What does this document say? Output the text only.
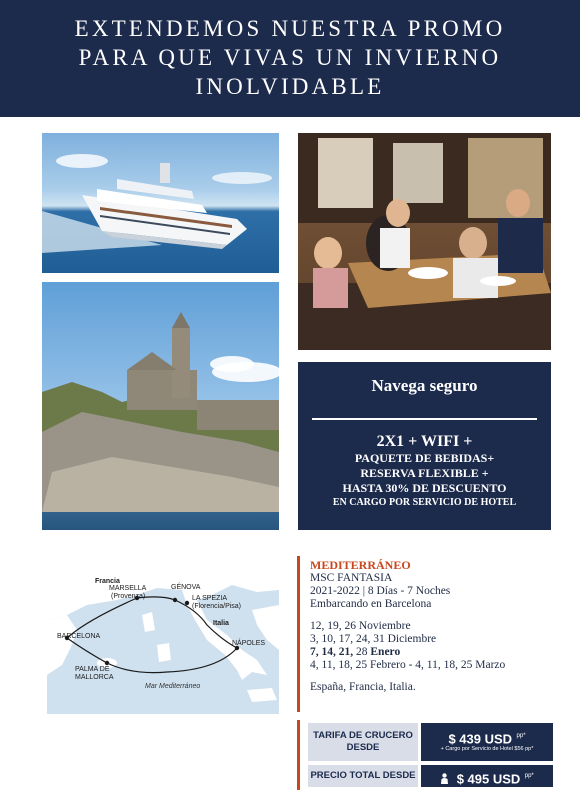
EXTENDEMOS NUESTRA PROMO
PARA QUE VIVAS UN INVIERNO
INOLVIDABLE
Navega seguro
2X1 + WIFI +
PAQUETE DE BEBIDAS+
RESERVA FLEXIBLE +
HASTA 30% DE DESCUENTO
EN CARGO POR SERVICIO DE HOTEL
Francia
Italia
MARSELLA
(Provenza)
GÉNOVA
LA SPEZIA
(Florencia/Pisa)
BARCELONA
NÁPOLES
PALMA DE
MALLORCA
Mar Mediterráneo
MEDITERRÁNEO
MSC FANTASIA
2021-2022 | 8 Días - 7 Noches
Embarcando en Barcelona
12, 19, 26 Noviembre
3, 10, 17, 24, 31 Diciembre
7, 14, 21, 28 Enero
4, 11, 18, 25 Febrero - 4, 11, 18, 25 Marzo
España, Francia, Italia.
TARIFA DE CRUCERO
DESDE
$ 439 USD $^{pp*}$
+ Cargo por Servicio de Hotel $56 pp*
PRECIO TOTAL DESDE	$ 495 USD $^{pp*}$
